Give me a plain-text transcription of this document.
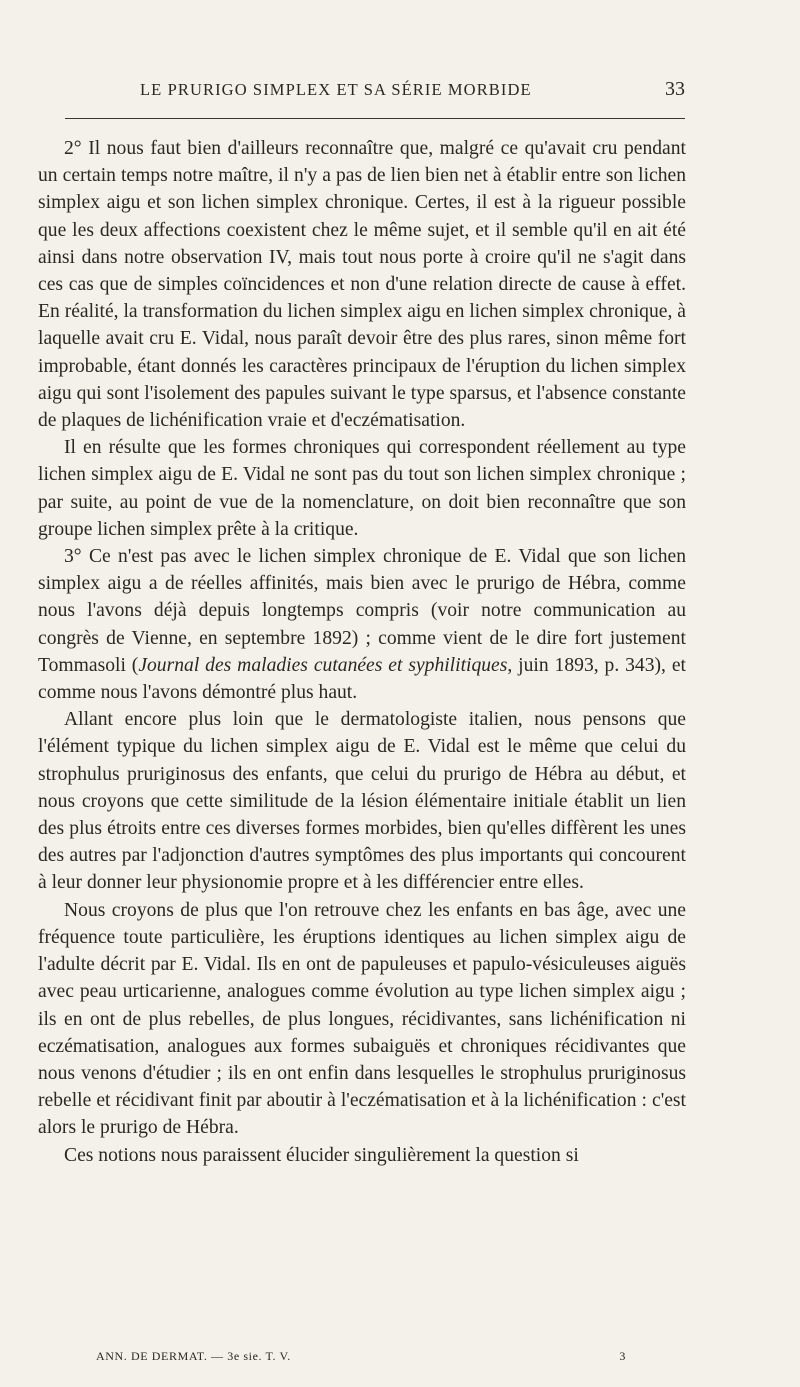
LE PRURIGO SIMPLEX ET SA SÉRIE MORBIDE	33

2° Il nous faut bien d'ailleurs reconnaître que, malgré ce qu'avait cru pendant un certain temps notre maître, il n'y a pas de lien bien net à établir entre son lichen simplex aigu et son lichen simplex chronique. Certes, il est à la rigueur possible que les deux affections coexistent chez le même sujet, et il semble qu'il en ait été ainsi dans notre observation IV, mais tout nous porte à croire qu'il ne s'agit dans ces cas que de simples coïncidences et non d'une relation directe de cause à effet. En réalité, la transformation du lichen simplex aigu en lichen simplex chronique, à laquelle avait cru E. Vidal, nous paraît devoir être des plus rares, sinon même fort improbable, étant donnés les caractères principaux de l'éruption du lichen simplex aigu qui sont l'isolement des papules suivant le type sparsus, et l'absence constante de plaques de lichénification vraie et d'eczématisation.

Il en résulte que les formes chroniques qui correspondent réellement au type lichen simplex aigu de E. Vidal ne sont pas du tout son lichen simplex chronique ; par suite, au point de vue de la nomenclature, on doit bien reconnaître que son groupe lichen simplex prête à la critique.

3° Ce n'est pas avec le lichen simplex chronique de E. Vidal que son lichen simplex aigu a de réelles affinités, mais bien avec le prurigo de Hébra, comme nous l'avons déjà depuis longtemps compris (voir notre communication au congrès de Vienne, en septembre 1892) ; comme vient de le dire fort justement Tommasoli (Journal des maladies cutanées et syphilitiques, juin 1893, p. 343), et comme nous l'avons démontré plus haut.

Allant encore plus loin que le dermatologiste italien, nous pensons que l'élément typique du lichen simplex aigu de E. Vidal est le même que celui du strophulus pruriginosus des enfants, que celui du prurigo de Hébra au début, et nous croyons que cette similitude de la lésion élémentaire initiale établit un lien des plus étroits entre ces diverses formes morbides, bien qu'elles diffèrent les unes des autres par l'adjonction d'autres symptômes des plus importants qui concourent à leur donner leur physionomie propre et à les différencier entre elles.

Nous croyons de plus que l'on retrouve chez les enfants en bas âge, avec une fréquence toute particulière, les éruptions identiques au lichen simplex aigu de l'adulte décrit par E. Vidal. Ils en ont de papuleuses et papulo-vésiculeuses aiguës avec peau urticarienne, analogues comme évolution au type lichen simplex aigu ; ils en ont de plus rebelles, de plus longues, récidivantes, sans lichénification ni eczématisation, analogues aux formes subaiguës et chroniques récidivantes que nous venons d'étudier ; ils en ont enfin dans lesquelles le strophulus pruriginosus rebelle et récidivant finit par aboutir à l'eczématisation et à la lichénification : c'est alors le prurigo de Hébra.

Ces notions nous paraissent élucider singulièrement la question si

ANN. DE DERMAT. — 3e sie. T. V.	3
